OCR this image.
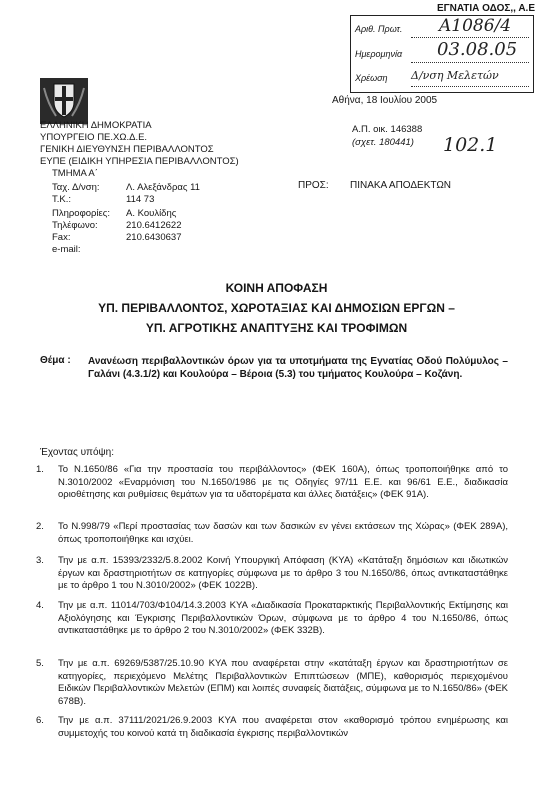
ΕΓΝΑΤΙΑ ΟΔΟΣ,, Α.Ε
Αριθ. Πρωτ. Α1086/4
Ημερομηνία 03.08.05
Χρέωση Δ/νση Μελετών
Αθήνα, 18 Ιουλίου 2005
ΕΛΛΗΝΙΚΗ ΔΗΜΟΚΡΑΤΙΑ
ΥΠΟΥΡΓΕΙΟ ΠΕ.ΧΩ.Δ.Ε.
ΓΕΝΙΚΗ ΔΙΕΥΘΥΝΣΗ ΠΕΡΙΒΑΛΛΟΝΤΟΣ
ΕΥΠΕ (ΕΙΔΙΚΗ ΥΠΗΡΕΣΙΑ ΠΕΡΙΒΑΛΛΟΝΤΟΣ)
ΤΜΗΜΑ Α΄
Ταχ. Δ/νση:	Λ. Αλεξάνδρας 11
Τ.Κ.:	114 73
Πληροφορίες: Α. Κουλίδης
Τηλέφωνο:	210.6412622
Fax:	210.6430637
e-mail:
Α.Π. οικ. 146388
(σχετ. 180441) 102.1
ΠΡΟΣ: ΠΙΝΑΚΑ ΑΠΟΔΕΚΤΩΝ
ΚΟΙΝΗ ΑΠΟΦΑΣΗ
ΥΠ. ΠΕΡΙΒΑΛΛΟΝΤΟΣ, ΧΩΡΟΤΑΞΙΑΣ ΚΑΙ ΔΗΜΟΣΙΩΝ ΕΡΓΩΝ –
ΥΠ. ΑΓΡΟΤΙΚΗΣ ΑΝΑΠΤΥΞΗΣ ΚΑΙ ΤΡΟΦΙΜΩΝ
Θέμα : Ανανέωση περιβαλλοντικών όρων για τα υποτμήματα της Εγνατίας Οδού Πολύμυλος – Γαλάνι (4.3.1/2) και Κουλούρα – Βέροια (5.3) του τμήματος Κουλούρα – Κοζάνη.
Έχοντας υπόψη:
1. Το Ν.1650/86 «Για την προστασία του περιβάλλοντος» (ΦΕΚ 160Α), όπως τροποποιήθηκε από το Ν.3010/2002 «Εναρμόνιση του Ν.1650/1986 με τις Οδηγίες 97/11 Ε.Ε. και 96/61 Ε.Ε., διαδικασία οριοθέτησης και ρυθμίσεις θεμάτων για τα υδατορέματα και άλλες διατάξεις» (ΦΕΚ 91Α).
2. Το Ν.998/79 «Περί προστασίας των δασών και των δασικών εν γένει εκτάσεων της Χώρας» (ΦΕΚ 289Α), όπως τροποποιήθηκε και ισχύει.
3. Την με α.π. 15393/2332/5.8.2002 Κοινή Υπουργική Απόφαση (ΚΥΑ) «Κατάταξη δημόσιων και ιδιωτικών έργων και δραστηριοτήτων σε κατηγορίες σύμφωνα με το άρθρο 3 του Ν.1650/86, όπως αντικαταστάθηκε με το άρθρο 1 του Ν.3010/2002» (ΦΕΚ 1022Β).
4. Την με α.π. 11014/703/Φ104/14.3.2003 ΚΥΑ «Διαδικασία Προκαταρκτικής Περιβαλλοντικής Εκτίμησης και Αξιολόγησης και Έγκρισης Περιβαλλοντικών Όρων, σύμφωνα με το άρθρο 4 του Ν.1650/86, όπως αντικαταστάθηκε με το άρθρο 2 του Ν.3010/2002» (ΦΕΚ 332Β).
5. Την με α.π. 69269/5387/25.10.90 ΚΥΑ που αναφέρεται στην «κατάταξη έργων και δραστηριοτήτων σε κατηγορίες, περιεχόμενο Μελέτης Περιβαλλοντικών Επιπτώσεων (ΜΠΕ), καθορισμός περιεχομένου Ειδικών Περιβαλλοντικών Μελετών (ΕΠΜ) και λοιπές συναφείς διατάξεις, σύμφωνα με το Ν.1650/86» (ΦΕΚ 678Β).
6. Την με α.π. 37111/2021/26.9.2003 ΚΥΑ που αναφέρεται στον «καθορισμό τρόπου ενημέρωσης και συμμετοχής του κοινού κατά τη διαδικασία έγκρισης περιβαλλοντικών
